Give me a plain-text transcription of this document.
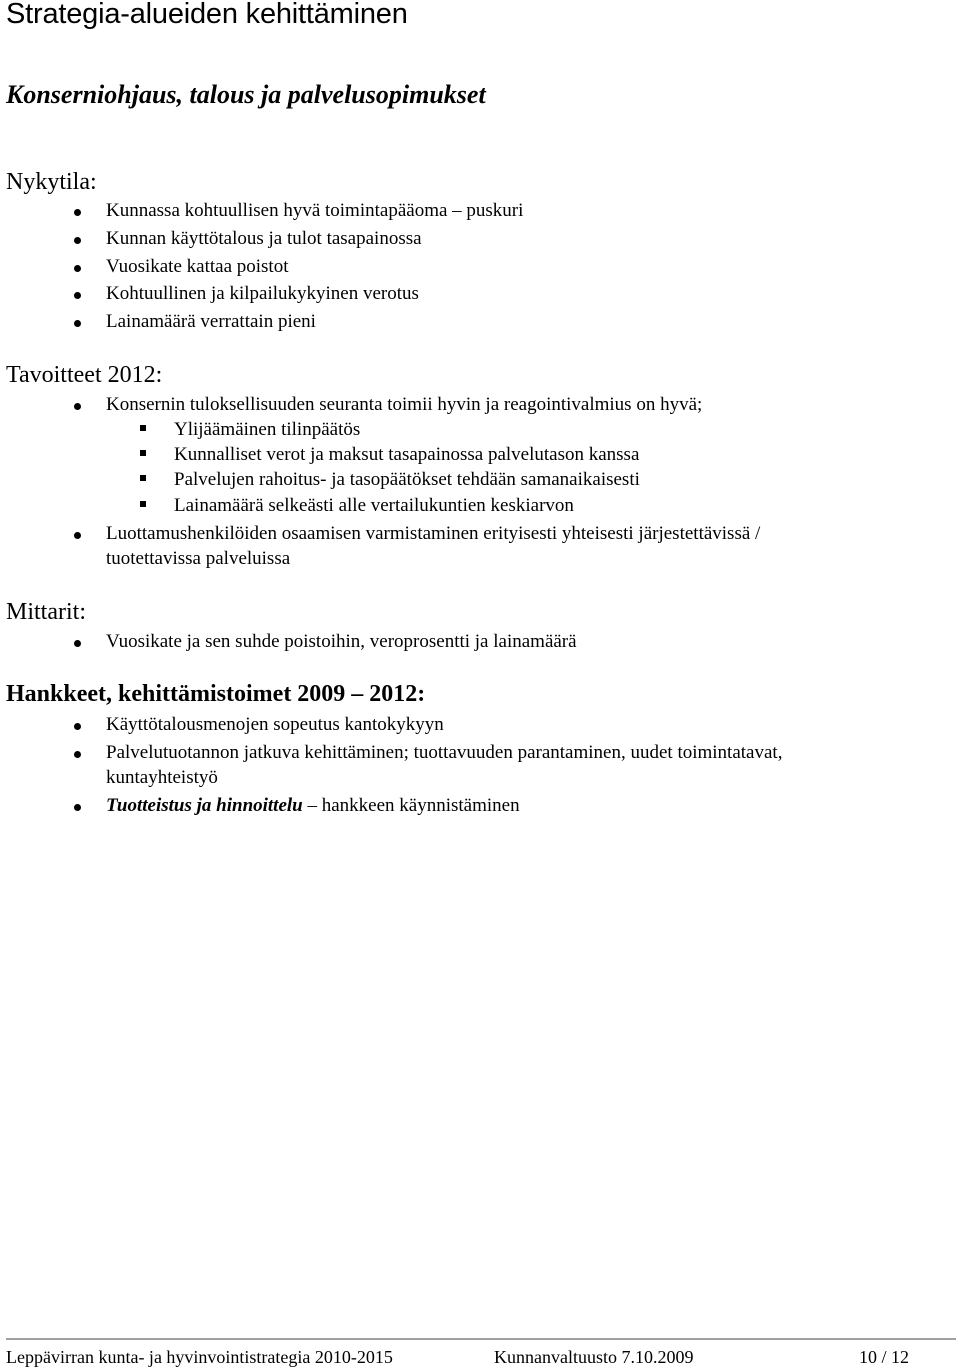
Strategia-alueiden kehittäminen
Konserniohjaus, talous ja palvelusopimukset
Nykytila:
Kunnassa kohtuullisen hyvä toimintapääoma – puskuri
Kunnan käyttötalous ja tulot tasapainossa
Vuosikate kattaa poistot
Kohtuullinen ja kilpailukykyinen verotus
Lainamäärä verrattain pieni
Tavoitteet 2012:
Konsernin tuloksellisuuden seuranta toimii hyvin ja reagointivalmius on hyvä;
Ylijäämäinen tilinpäätös
Kunnalliset verot ja maksut tasapainossa palvelutason kanssa
Palvelujen rahoitus- ja tasopäätökset tehdään samanaikaisesti
Lainamäärä selkeästi alle vertailukuntien keskiarvon
Luottamushenkilöiden osaamisen varmistaminen erityisesti yhteisesti järjestettävissä /
tuotettavissa palveluissa
Mittarit:
Vuosikate ja sen suhde poistoihin, veroprosentti ja lainamäärä
Hankkeet, kehittämistoimet 2009 – 2012:
Käyttötalousmenojen sopeutus kantokykyyn
Palvelutuotannon jatkuva kehittäminen; tuottavuuden parantaminen, uudet toimintatavat,
kuntayhteistyö
Tuotteistus ja hinnoittelu – hankkeen käynnistäminen
Leppävirran kunta- ja hyvinvointistrategia 2010-2015	Kunnanvaltuusto 7.10.2009	10 / 12
